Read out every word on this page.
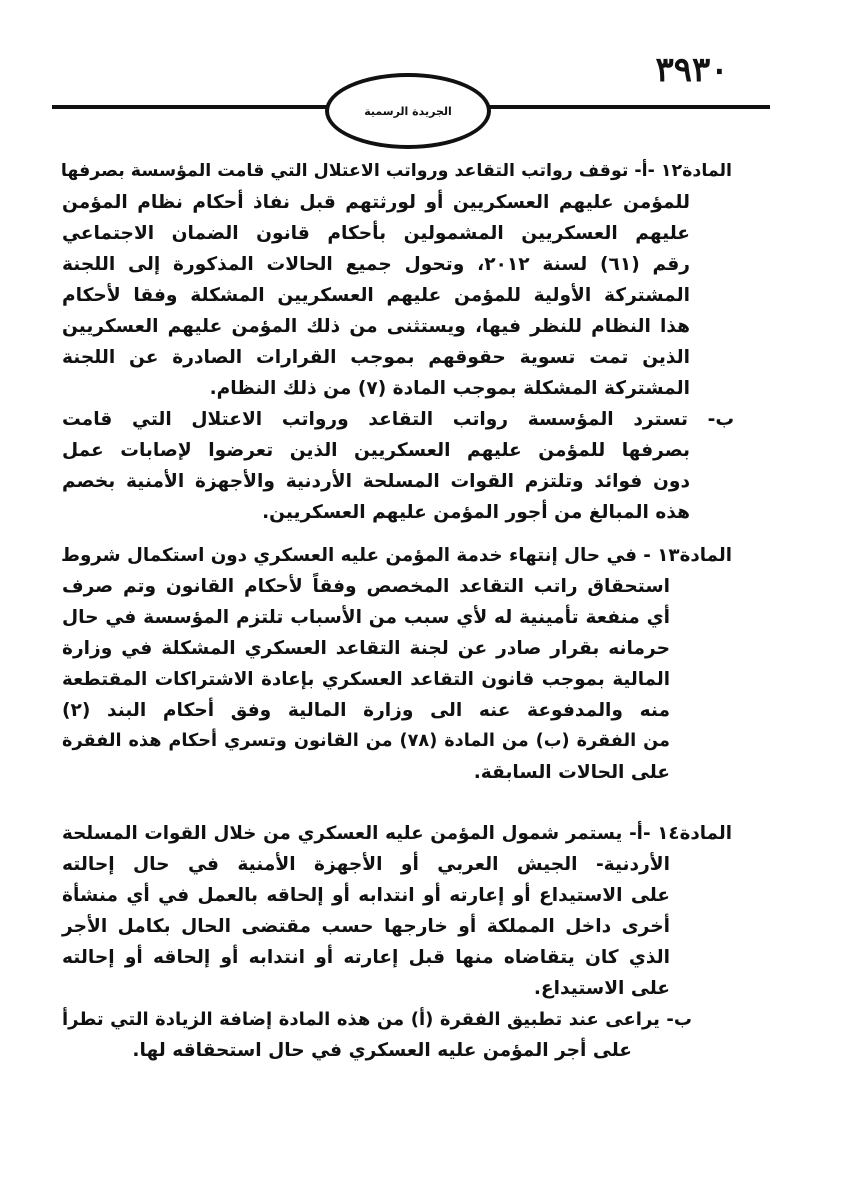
٣٩٣٠
الجريدة الرسمية
المادة١٢ -أ- توقف رواتب التقاعد ورواتب الاعتلال التي قامت المؤسسة بصرفها
للمؤمن عليهم العسكريين أو لورثتهم قبل نفاذ أحكام نظام المؤمن
عليهم العسكريين المشمولين بأحكام قانون الضمان الاجتماعي
رقم (٦١) لسنة ٢٠١٢، وتحول جميع الحالات المذكورة إلى اللجنة
المشتركة الأولية للمؤمن عليهم العسكريين المشكلة وفقا لأحكام
هذا النظام للنظر فيها، ويستثنى من ذلك المؤمن عليهم العسكريين
الذين تمت تسوية حقوقهم بموجب القرارات الصادرة عن اللجنة
المشتركة المشكلة بموجب المادة (٧) من ذلك النظام.
ب- تسترد المؤسسة رواتب التقاعد ورواتب الاعتلال التي قامت
بصرفها للمؤمن عليهم العسكريين الذين تعرضوا لإصابات عمل
دون فوائد وتلتزم القوات المسلحة الأردنية والأجهزة الأمنية بخصم
هذه المبالغ من أجور المؤمن عليهم العسكريين.
المادة١٣ - في حال إنتهاء خدمة المؤمن عليه العسكري دون استكمال شروط
استحقاق راتب التقاعد المخصص وفقاً لأحكام القانون وتم صرف
أي منفعة تأمينية له لأي سبب من الأسباب تلتزم المؤسسة في حال
حرمانه بقرار صادر عن لجنة التقاعد العسكري المشكلة في وزارة
المالية بموجب قانون التقاعد العسكري بإعادة الاشتراكات المقتطعة
منه والمدفوعة عنه الى وزارة المالية وفق أحكام البند (٢)
من الفقرة (ب) من المادة (٧٨) من القانون وتسري أحكام هذه الفقرة
على الحالات السابقة.
المادة١٤ -أ- يستمر شمول المؤمن عليه العسكري من خلال القوات المسلحة
الأردنية- الجيش العربي أو الأجهزة الأمنية في حال إحالته
على الاستيداع أو إعارته أو انتدابه أو إلحاقه بالعمل في أي منشأة
أخرى داخل المملكة أو خارجها حسب مقتضى الحال بكامل الأجر
الذي كان يتقاضاه منها قبل إعارته أو انتدابه أو إلحاقه أو إحالته
على الاستيداع.
ب- يراعى عند تطبيق الفقرة (أ) من هذه المادة إضافة الزيادة التي تطرأ
على أجر المؤمن عليه العسكري في حال استحقاقه لها.
